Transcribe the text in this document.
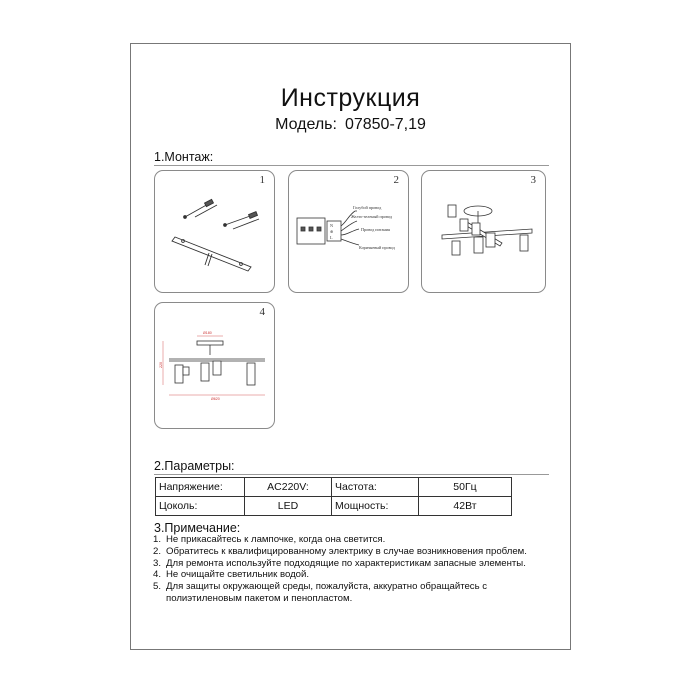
Инструкция
Модель: 07850-7,19
1.Монтаж:
1	2
N
⊕
L
Голубой провод
Желто-зеленый провод
Провод питания
Коричневый провод
3
4
Ø180
220
Ø620
2.Параметры:
Напряжение:	AC220V:	Частота:	50Гц
Цоколь:	LED	Мощность:	42Вт
3.Примечание:
1. Не прикасайтесь к лампочке, когда она светится.
2. Обратитесь к квалифицированному электрику в случае возникновения проблем.
3. Для ремонта используйте подходящие по характеристикам запасные элементы.
4. Не очищайте светильник водой.
5. Для защиты окружающей среды, пожалуйста, аккуратно обращайтесь с полиэтиленовым пакетом и пенопластом.
